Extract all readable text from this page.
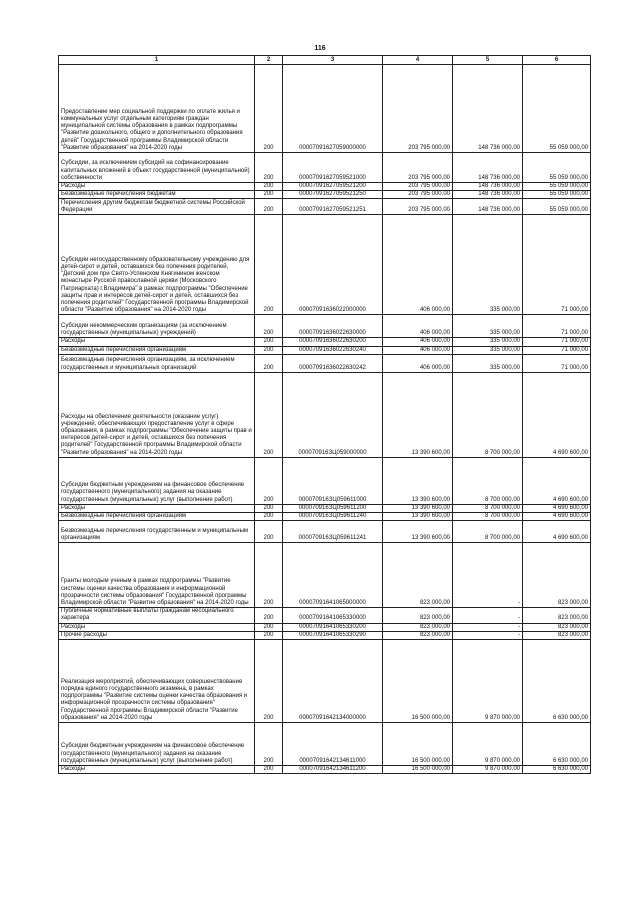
116
1	2	3	4	5	6
Предоставление мер социальной поддержки по оплате жилья и коммунальных услуг отдельным категориям граждан муниципальной системы образования в рамках подпрограммы "Развитие дошкольного, общего и дополнительного образования детей" Государственной программы Владимирской области "Развитие образования" на 2014-2020 годы	200	00007091627059000000	203 795 000,00	148 736 000,00	55 059 000,00
Субсидии, за исключением субсидий на софинансирование капитальных вложений в объект государственной (муниципальной) собственности	200	00007091627059521000	203 795 000,00	148 736 000,00	55 059 000,00
Расходы	200	00007091627059521200	203 795 000,00	148 736 000,00	55 059 000,00
Безвозмездные перечисления бюджетам	200	00007091627059521250	203 795 000,00	148 736 000,00	55 059 000,00
Перечисления другим бюджетам бюджетной системы Российской Федерации	200	00007091627059521251	203 795 000,00	148 736 000,00	55 059 000,00
Субсидии негосударственному образовательному учреждению для детей-сирот и детей, оставшихся без попечения родителей, "Детский дом при Свято-Успенском Княгинином женском монастыре Русской православной церкви (Московского Патриархата) г.Владимира" в рамках подпрограммы "Обеспечение защиты прав и интересов детей-сирот и детей, оставшихся без попечения родителей" Государственной программы Владимирской области "Развитие образования" на 2014-2020 годы	200	00007091636022000000	406 000,00	335 000,00	71 000,00
Субсидии некоммерческим организациям (за исключением государственных (муниципальных) учреждений)	200	00007091636022630000	406 000,00	335 000,00	71 000,00
Расходы	200	00007091636022630200	406 000,00	335 000,00	71 000,00
Безвозмездные перечисления организациям	200	00007091636022630240	406 000,00	335 000,00	71 000,00
Безвозмездные перечисления организациям, за исключением государственных и муниципальных организаций	200	00007091636022630242	406 000,00	335 000,00	71 000,00
Расходы на обеспечение деятельности (оказание услуг) учреждений, обеспечивающих предоставление услуг в сфере образования, в рамках подпрограммы "Обеспечение защиты прав и интересов детей-сирот и детей, оставшихся без попечения родителей" Государственной программы Владимирской области "Развитие образования" на 2014-2020 годы	200	000070916ЗЦ059000000	13 390 600,00	8 700 000,00	4 690 600,00
Субсидии бюджетным учреждениям на финансовое обеспечение государственного (муниципального) задания на оказание государственных (муниципальных) услуг (выполнение работ)	200	000070916ЗЦ059611000	13 390 600,00	8 700 000,00	4 690 600,00
Расходы	200	000070916ЗЦ059611200	13 390 600,00	8 700 000,00	4 690 600,00
Безвозмездные перечисления организациям	200	000070916ЗЦ059611240	13 390 600,00	8 700 000,00	4 690 600,00
Безвозмездные перечисления государственным и муниципальным организациям	200	000070916ЗЦ059611241	13 390 600,00	8 700 000,00	4 690 600,00
Гранты молодым ученым в рамках подпрограммы "Развитие системы оценки качества образования и информационной прозрачности системы образования" Государственной программы Владимирской области "Развитие образования" на 2014-2020 годы	200	00007091641065000000	823 000,00	-	823 000,00
Публичные нормативные выплаты гражданам несоциального характера	200	00007091641065330000	823 000,00	-	823 000,00
Расходы	200	00007091641065330200	823 000,00	-	823 000,00
Прочие расходы	200	00007091641065330290	823 000,00	-	823 000,00
Реализация мероприятий, обеспечивающих совершенствование порядка единого государственного экзамена, в рамках подпрограммы "Развитие системы оценки качества образования и информационной прозрачности системы образования" Государственной программы Владимирской области "Развитие образования" на 2014-2020 годы	200	00007091642134000000	16 500 000,00	9 870 000,00	6 630 000,00
Субсидии бюджетным учреждениям на финансовое обеспечение государственного (муниципального) задания на оказание государственных (муниципальных) услуг (выполнение работ)	200	00007091642134611000	16 500 000,00	9 870 000,00	6 630 000,00
Расходы	200	00007091642134611200	16 500 000,00	9 870 000,00	6 630 000,00
